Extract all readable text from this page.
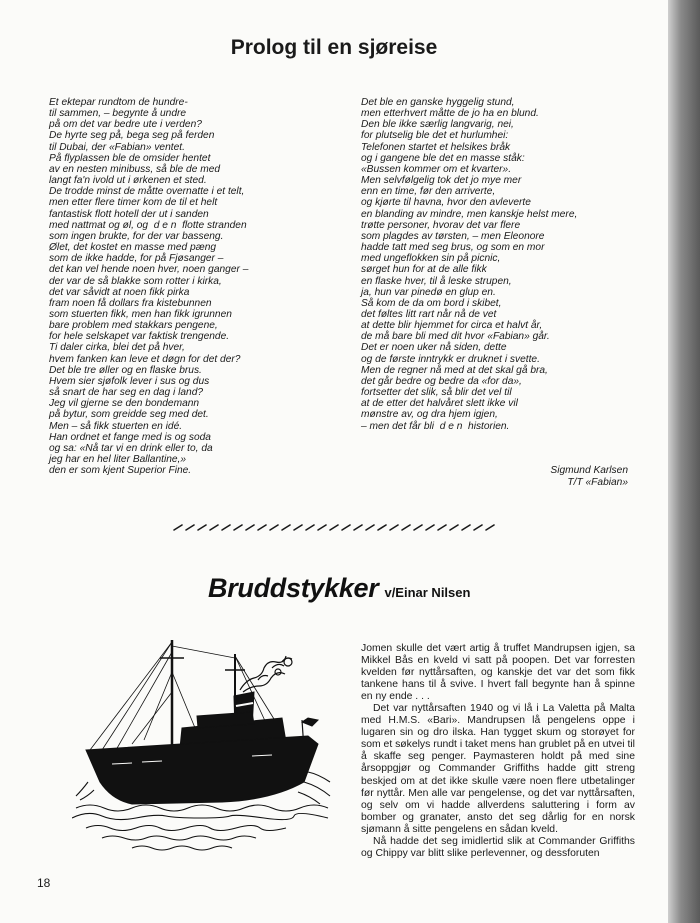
Prolog til en sjøreise
Et ektepar rundtom de hundre-
til sammen, – begynte å undre
på om det var bedre ute i verden?
De hyrte seg på, bega seg på ferden
til Dubai, der «Fabian» ventet.
På flyplassen ble de omsider hentet
av en nesten minibuss, så ble de med
langt fa'n ivold ut i ørkenen et sted.
De trodde minst de måtte overnatte i et telt,
men etter flere timer kom de til et helt
fantastisk flott hotell der ut i sanden
med nattmat og øl, og  d e n  flotte stranden
som ingen brukte, for der var basseng.
Ølet, det kostet en masse med pæng
som de ikke hadde, for på Fjøsanger –
det kan vel hende noen hver, noen ganger –
der var de så blakke som rotter i kirka,
det var såvidt at noen fikk pirka
fram noen få dollars fra kistebunnen
som stuerten fikk, men han fikk igrunnen
bare problem med stakkars pengene,
for hele selskapet var faktisk trengende.
Ti daler cirka, blei det på hver,
hvem fanken kan leve et døgn for det der?
Det ble tre øller og en flaske brus.
Hvem sier sjøfolk lever i sus og dus
så snart de har seg en dag i land?
Jeg vil gjerne se den bondemann
på bytur, som greidde seg med det.
Men – så fikk stuerten en idé.
Han ordnet et fange med is og soda
og sa: «Nå tar vi en drink eller to, da
jeg har en hel liter Ballantine,»
den er som kjent Superior Fine.
Det ble en ganske hyggelig stund,
men etterhvert måtte de jo ha en blund.
Den ble ikke særlig langvarig, nei,
for plutselig ble det et hurlumhei:
Telefonen startet et helsikes bråk
og i gangene ble det en masse ståk:
«Bussen kommer om et kvarter».
Men selvfølgelig tok det jo mye mer
enn en time, før den arriverte,
og kjørte til havna, hvor den avleverte
en blanding av mindre, men kanskje helst mere,
trøtte personer, hvorav det var flere
som plagdes av tørsten, – men Eleonore
hadde tatt med seg brus, og som en mor
med ungeflokken sin på picnic,
sørget hun for at de alle fikk
en flaske hver, til å leske strupen,
ja, hun var pinedø en glup en.
Så kom de da om bord i skibet,
det føltes litt rart når nå de vet
at dette blir hjemmet for circa et halvt år,
de må bare bli med dit hvor «Fabian» går.
Det er noen uker nå siden, dette
og de første inntrykk er druknet i svette.
Men de regner nå med at det skal gå bra,
det går bedre og bedre da «for da»,
fortsetter det slik, så blir det vel til
at de etter det halvåret slett ikke vil
mønstre av, og dra hjem igjen,
– men det får bli  d e n  historien.
Sigmund Karlsen
T/T «Fabian»
Bruddstykker v/Einar Nilsen

Jomen skulle det vært artig å truffet Mandrupsen igjen, sa Mikkel Bås en kveld vi satt på poopen. Det var forresten kvelden før nyttårsaften, og kanskje det var det som fikk tankene hans til å svive. I hvert fall begynte han å spinne en ny ende . . .

Det var nyttårsaften 1940 og vi lå i La Valetta på Malta med H.M.S. «Bari». Mandrupsen lå pengelens oppe i lugaren sin og dro ilska. Han tygget skum og storøyet for som et søkelys rundt i taket mens han grublet på en utvei til å skaffe seg penger. Paymasteren holdt på med sine årsoppgjør og Commander Griffiths hadde gitt streng beskjed om at det ikke skulle være noen flere utbetalinger før nyttår. Men alle var pengelense, og det var nyttårsaften, og selv om vi hadde allverdens saluttering i form av bomber og granater, ansto det seg dårlig for en norsk sjømann å sitte pengelens en sådan kveld.

Nå hadde det seg imidlertid slik at Commander Griffiths og Chippy var blitt slike perlevenner, og dessforuten

18
